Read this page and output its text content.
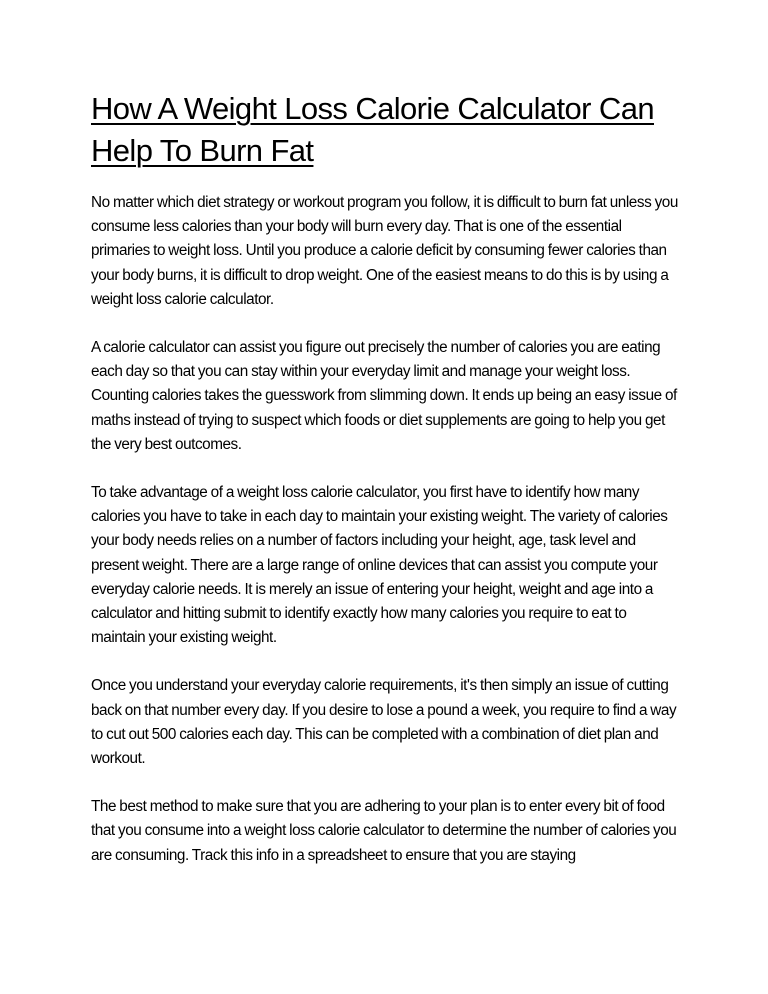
How A Weight Loss Calorie Calculator Can Help To Burn Fat

No matter which diet strategy or workout program you follow, it is difficult to burn fat unless you consume less calories than your body will burn every day. That is one of the essential primaries to weight loss. Until you produce a calorie deficit by consuming fewer calories than your body burns, it is difficult to drop weight. One of the easiest means to do this is by using a weight loss calorie calculator.

A calorie calculator can assist you figure out precisely the number of calories you are eating each day so that you can stay within your everyday limit and manage your weight loss. Counting calories takes the guesswork from slimming down. It ends up being an easy issue of maths instead of trying to suspect which foods or diet supplements are going to help you get the very best outcomes.

To take advantage of a weight loss calorie calculator, you first have to identify how many calories you have to take in each day to maintain your existing weight. The variety of calories your body needs relies on a number of factors including your height, age, task level and present weight. There are a large range of online devices that can assist you compute your everyday calorie needs. It is merely an issue of entering your height, weight and age into a calculator and hitting submit to identify exactly how many calories you require to eat to maintain your existing weight.

Once you understand your everyday calorie requirements, it's then simply an issue of cutting back on that number every day. If you desire to lose a pound a week, you require to find a way to cut out 500 calories each day. This can be completed with a combination of diet plan and workout.

The best method to make sure that you are adhering to your plan is to enter every bit of food that you consume into a weight loss calorie calculator to determine the number of calories you are consuming. Track this info in a spreadsheet to ensure that you are staying
